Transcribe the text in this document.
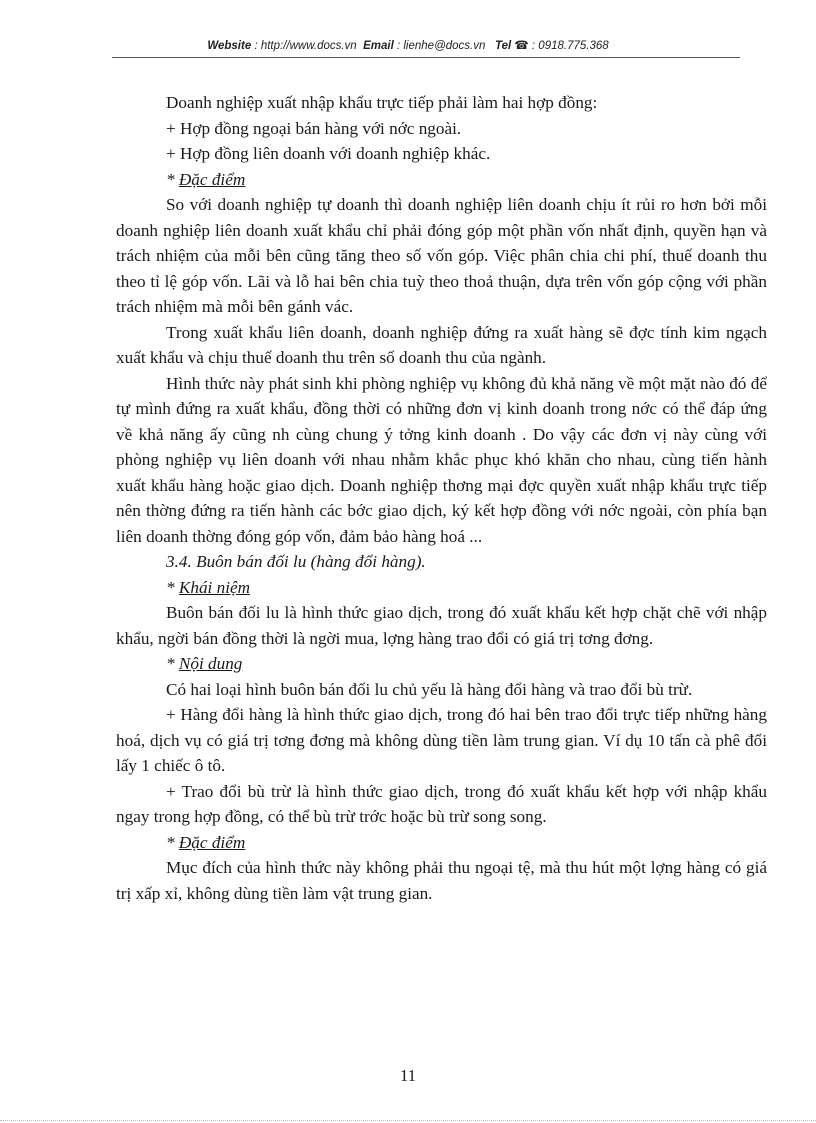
Website : http://www.docs.vn Email : lienhe@docs.vn Tel ☎ : 0918.775.368

Doanh nghiệp xuất nhập khẩu trực tiếp phải làm hai hợp đồng:

+ Hợp đồng ngoại bán hàng với nớc ngoài.

+ Hợp đồng liên doanh với doanh nghiệp khác.

* Đặc điểm

So với doanh nghiệp tự doanh thì doanh nghiệp liên doanh chịu ít rủi ro hơn bởi mỗi doanh nghiệp liên doanh xuất khẩu chỉ phải đóng góp một phần vốn nhất định, quyền hạn và trách nhiệm của mỗi bên cũng tăng theo số vốn góp. Việc phân chia chi phí, thuế doanh thu theo tỉ lệ góp vốn. Lãi và lỗ hai bên chia tuỳ theo thoả thuận, dựa trên vốn góp cộng với phần trách nhiệm mà mỗi bên gánh vác.

Trong xuất khẩu liên doanh, doanh nghiệp đứng ra xuất hàng sẽ đợc tính kim ngạch xuất khẩu và chịu thuế doanh thu trên số doanh thu của ngành.

Hình thức này phát sinh khi phòng nghiệp vụ không đủ khả năng về một mặt nào đó để tự mình đứng ra xuất khẩu, đồng thời có những đơn vị kinh doanh trong nớc có thể đáp ứng về khả năng ấy cũng nh cùng chung ý tởng kinh doanh . Do vậy các đơn vị này cùng với phòng nghiệp vụ liên doanh với nhau nhằm khắc phục khó khăn cho nhau, cùng tiến hành xuất khẩu hàng hoặc giao dịch. Doanh nghiệp thơng mại đợc quyền xuất nhập khẩu trực tiếp nên thờng đứng ra tiến hành các bớc giao dịch, ký kết hợp đồng với nớc ngoài, còn phía bạn liên doanh thờng đóng góp vốn, đảm bảo hàng hoá ...

3.4. Buôn bán đối lu (hàng đổi hàng).

* Khái niệm

Buôn bán đối lu là hình thức giao dịch, trong đó xuất khẩu kết hợp chặt chẽ với nhập khẩu, ngời bán đồng thời là ngời mua, lợng hàng trao đổi có giá trị tơng đơng.

* Nội dung

Có hai loại hình buôn bán đối lu chủ yếu là hàng đổi hàng và trao đổi bù trừ.

+ Hàng đổi hàng là hình thức giao dịch, trong đó hai bên trao đổi trực tiếp những hàng hoá, dịch vụ có giá trị tơng đơng mà không dùng tiền làm trung gian. Ví dụ 10 tấn cà phê đổi lấy 1 chiếc ô tô.

+ Trao đổi bù trừ là hình thức giao dịch, trong đó xuất khẩu kết hợp với nhập khẩu ngay trong hợp đồng, có thể bù trừ trớc hoặc bù trừ song song.

* Đặc điểm

Mục đích của hình thức này không phải thu ngoại tệ, mà thu hút một lợng hàng có giá trị xấp xỉ, không dùng tiền làm vật trung gian.

11
